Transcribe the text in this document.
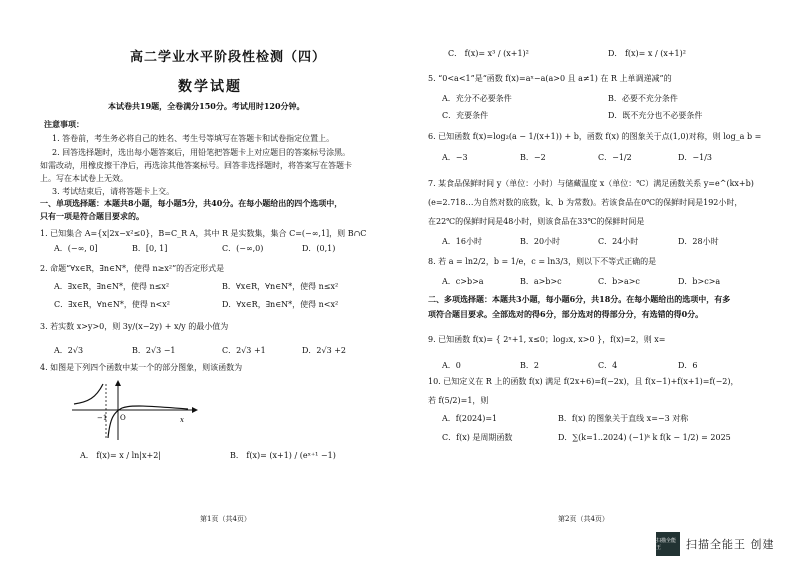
高二学业水平阶段性检测（四）
数学试题
本试卷共19题，全卷满分150分。考试用时120分钟。
注意事项：
1. 答卷前，考生务必将自己的姓名、考生号等填写在答题卡和试卷指定位置上。
2. 回答选择题时，选出每小题答案后，用铅笔把答题卡上对应题目的答案标号涂黑。
如需改动，用橡皮擦干净后，再选涂其他答案标号。回答非选择题时，将答案写在答题卡
上。写在本试卷上无效。
3. 考试结束后，请将答题卡上交。
一、单项选择题：本题共8小题，每小题5分，共40分。在每小题给出的四个选项中，
只有一项是符合题目要求的。
1. 已知集合 A={x|2x−x²≤0}，B=C_R A，其中 R 是实数集，集合 C=(−∞,1]，则 B∩C
A．(−∞, 0]	B．[0, 1]	C．(−∞,0)	D．(0,1)
2. 命题“∀x∈R，∃n∈N*，使得 n≥x²”的否定形式是
A．∃x∈R，∃n∈N*，使得 n≤x²	B．∀x∈R，∀n∈N*，使得 n≤x²
C．∃x∈R，∀n∈N*，使得 n<x²	D．∀x∈R，∃n∈N*，使得 n<x²
3. 若实数 x>y>0，则 3y/(x−2y) + x/y 的最小值为
A．2√3	B．2√3 −1	C．2√3 +1	D．2√3 +2
4. 如图是下列四个函数中某一个的部分图象，则该函数为
−1 O	x
A． f(x)= x / ln|x+2|	B． f(x)= (x+1) / (eˣ⁺¹ −1)
第1页（共4页）
C． f(x)= x³ / (x+1)²	D． f(x)= x / (x+1)²
5. “0<a<1”是“函数 f(x)=aˣ−a(a>0 且 a≠1) 在 R 上单调递减”的
A．充分不必要条件	B．必要不充分条件
C．充要条件	D．既不充分也不必要条件
6. 已知函数 f(x)=log₂(a − 1/(x+1)) + b，函数 f(x) 的图象关于点(1,0)对称，则 log_a b =
A．−3	B．−2	C．−1/2	D．−1/3
7. 某食品保鲜时间 y（单位：小时）与储藏温度 x（单位：℃）满足函数关系 y=e^(kx+b)
(e=2.718…为自然对数的底数，k、b 为常数)。若该食品在0℃的保鲜时间是192小时，
在22℃的保鲜时间是48小时，则该食品在33℃的保鲜时间是
A．16小时	B．20小时	C．24小时	D．28小时
8. 若 a = ln2/2，b = 1/e，c = ln3/3，则以下不等式正确的是
A．c>b>a	B．a>b>c	C．b>a>c	D．b>c>a
二、多项选择题：本题共3小题，每小题6分，共18分。在每小题给出的选项中，有多
项符合题目要求。全部选对的得6分，部分选对的得部分分，有选错的得0分。
9. 已知函数 f(x)= { 2ˣ+1, x≤0；log₂x, x>0 }，f(x)=2，则 x=
A．0	B．2	C．4	D．6
10. 已知定义在 R 上的函数 f(x) 满足 f(2x+6)=f(−2x)，且 f(x−1)+f(x+1)=f(−2)，
若 f(5/2)=1，则
A．f(2024)=1	B．f(x) 的图象关于直线 x=−3 对称
C．f(x) 是周期函数	D．∑(k=1..2024) (−1)ᵏ k f(k − 1/2) = 2025
第2页（共4页）
扫描全能王	扫描全能王 创建
